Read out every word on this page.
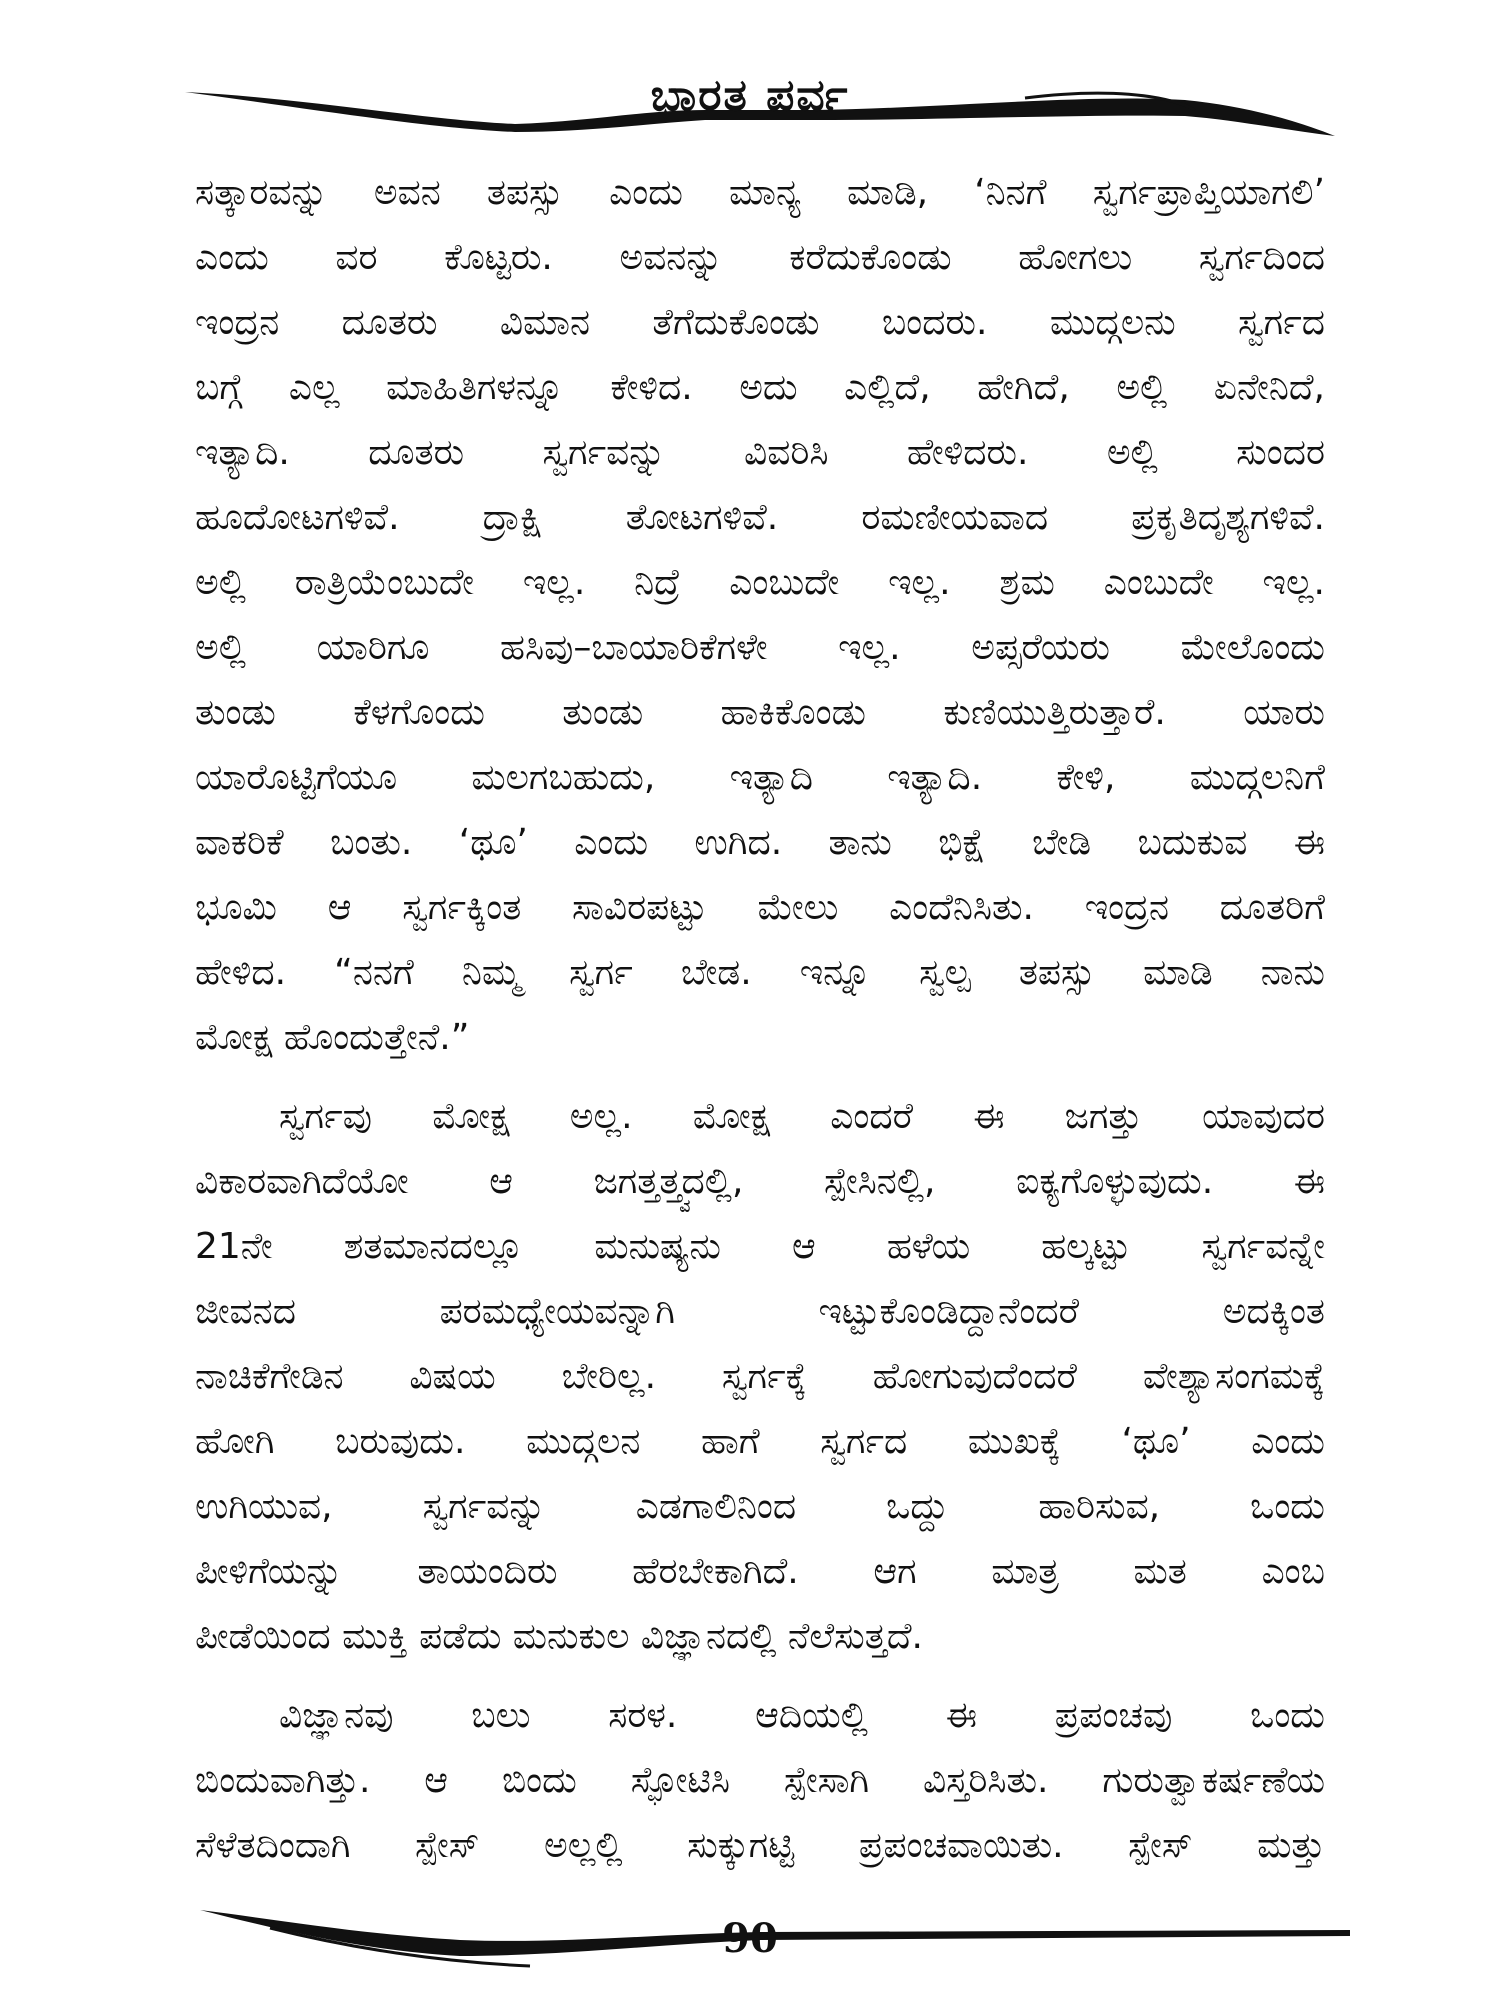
ಭಾರತ ಪರ್ವ
ಸತ್ಕಾರವನ್ನು ಅವನ ತಪಸ್ಸು ಎಂದು ಮಾನ್ಯ ಮಾಡಿ, ‘ನಿನಗೆ ಸ್ವರ್ಗಪ್ರಾಪ್ತಿಯಾಗಲಿ’
ಎಂದು ವರ ಕೊಟ್ಟರು. ಅವನನ್ನು ಕರೆದುಕೊಂಡು ಹೋಗಲು ಸ್ವರ್ಗದಿಂದ
ಇಂದ್ರನ ದೂತರು ವಿಮಾನ ತೆಗೆದುಕೊಂಡು ಬಂದರು. ಮುದ್ಗಲನು ಸ್ವರ್ಗದ
ಬಗ್ಗೆ ಎಲ್ಲ ಮಾಹಿತಿಗಳನ್ನೂ ಕೇಳಿದ. ಅದು ಎಲ್ಲಿದೆ, ಹೇಗಿದೆ, ಅಲ್ಲಿ ಏನೇನಿದೆ,
ಇತ್ಯಾದಿ. ದೂತರು ಸ್ವರ್ಗವನ್ನು ವಿವರಿಸಿ ಹೇಳಿದರು. ಅಲ್ಲಿ ಸುಂದರ
ಹೂದೋಟಗಳಿವೆ. ದ್ರಾಕ್ಷಿ ತೋಟಗಳಿವೆ. ರಮಣೀಯವಾದ ಪ್ರಕೃತಿದೃಶ್ಯಗಳಿವೆ.
ಅಲ್ಲಿ ರಾತ್ರಿಯೆಂಬುದೇ ಇಲ್ಲ. ನಿದ್ರೆ ಎಂಬುದೇ ಇಲ್ಲ. ಶ್ರಮ ಎಂಬುದೇ ಇಲ್ಲ.
ಅಲ್ಲಿ ಯಾರಿಗೂ ಹಸಿವು–ಬಾಯಾರಿಕೆಗಳೇ ಇಲ್ಲ. ಅಪ್ಸರೆಯರು ಮೇಲೊಂದು
ತುಂಡು ಕೆಳಗೊಂದು ತುಂಡು ಹಾಕಿಕೊಂಡು ಕುಣಿಯುತ್ತಿರುತ್ತಾರೆ. ಯಾರು
ಯಾರೊಟ್ಟಿಗೆಯೂ ಮಲಗಬಹುದು, ಇತ್ಯಾದಿ ಇತ್ಯಾದಿ. ಕೇಳಿ, ಮುದ್ಗಲನಿಗೆ
ವಾಕರಿಕೆ ಬಂತು. ‘ಥೂ’ ಎಂದು ಉಗಿದ. ತಾನು ಭಿಕ್ಷೆ ಬೇಡಿ ಬದುಕುವ ಈ
ಭೂಮಿ ಆ ಸ್ವರ್ಗಕ್ಕಿಂತ ಸಾವಿರಪಟ್ಟು ಮೇಲು ಎಂದೆನಿಸಿತು. ಇಂದ್ರನ ದೂತರಿಗೆ
ಹೇಳಿದ. “ನನಗೆ ನಿಮ್ಮ ಸ್ವರ್ಗ ಬೇಡ. ಇನ್ನೂ ಸ್ವಲ್ಪ ತಪಸ್ಸು ಮಾಡಿ ನಾನು
ಮೋಕ್ಷ ಹೊಂದುತ್ತೇನೆ.”
ಸ್ವರ್ಗವು ಮೋಕ್ಷ ಅಲ್ಲ. ಮೋಕ್ಷ ಎಂದರೆ ಈ ಜಗತ್ತು ಯಾವುದರ
ವಿಕಾರವಾಗಿದೆಯೋ ಆ ಜಗತ್ತತ್ತ್ವದಲ್ಲಿ, ಸ್ಪೇಸಿನಲ್ಲಿ, ಐಕ್ಯಗೊಳ್ಳುವುದು. ಈ
21ನೇ ಶತಮಾನದಲ್ಲೂ ಮನುಷ್ಯನು ಆ ಹಳೆಯ ಹಲ್ಕಟ್ಟು ಸ್ವರ್ಗವನ್ನೇ
ಜೀವನದ ಪರಮಧ್ಯೇಯವನ್ನಾಗಿ ಇಟ್ಟುಕೊಂಡಿದ್ದಾನೆಂದರೆ ಅದಕ್ಕಿಂತ
ನಾಚಿಕೆಗೇಡಿನ ವಿಷಯ ಬೇರಿಲ್ಲ. ಸ್ವರ್ಗಕ್ಕೆ ಹೋಗುವುದೆಂದರೆ ವೇಶ್ಯಾಸಂಗಮಕ್ಕೆ
ಹೋಗಿ ಬರುವುದು. ಮುದ್ಗಲನ ಹಾಗೆ ಸ್ವರ್ಗದ ಮುಖಕ್ಕೆ ‘ಥೂ’ ಎಂದು
ಉಗಿಯುವ, ಸ್ವರ್ಗವನ್ನು ಎಡಗಾಲಿನಿಂದ ಒದ್ದು ಹಾರಿಸುವ, ಒಂದು
ಪೀಳಿಗೆಯನ್ನು ತಾಯಂದಿರು ಹೆರಬೇಕಾಗಿದೆ. ಆಗ ಮಾತ್ರ ಮತ ಎಂಬ
ಪೀಡೆಯಿಂದ ಮುಕ್ತಿ ಪಡೆದು ಮನುಕುಲ ವಿಜ್ಞಾನದಲ್ಲಿ ನೆಲೆಸುತ್ತದೆ.
ವಿಜ್ಞಾನವು ಬಲು ಸರಳ. ಆದಿಯಲ್ಲಿ ಈ ಪ್ರಪಂಚವು ಒಂದು
ಬಿಂದುವಾಗಿತ್ತು. ಆ ಬಿಂದು ಸ್ಫೋಟಿಸಿ ಸ್ಪೇಸಾಗಿ ವಿಸ್ತರಿಸಿತು. ಗುರುತ್ವಾಕರ್ಷಣೆಯ
ಸೆಳೆತದಿಂದಾಗಿ ಸ್ಪೇಸ್ ಅಲ್ಲಲ್ಲಿ ಸುಕ್ಕುಗಟ್ಟಿ ಪ್ರಪಂಚವಾಯಿತು. ಸ್ಪೇಸ್ ಮತ್ತು
90
